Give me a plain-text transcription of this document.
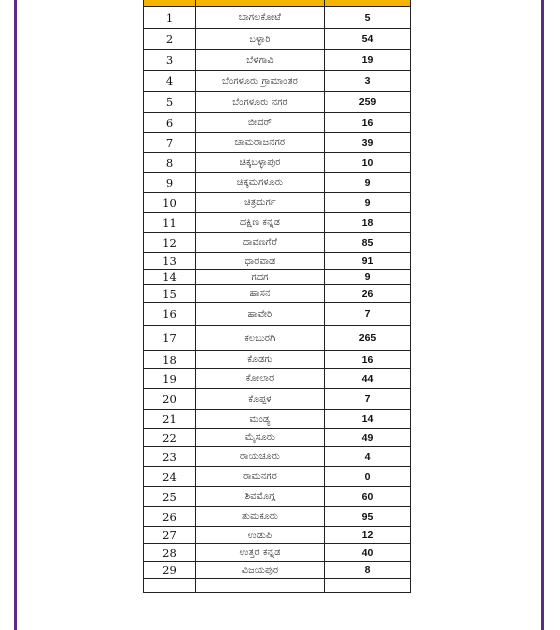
1	ಬಾಗಲಕೋಟೆ	5
2	ಬಳ್ಳಾರಿ	54
3	ಬೆಳಗಾವಿ	19
4	ಬೆಂಗಳೂರು ಗ್ರಾಮಾಂತರ	3
5	ಬೆಂಗಳೂರು ನಗರ	259
6	ಬೀದರ್	16
7	ಚಾಮರಾಜನಗರ	39
8	ಚಿಕ್ಕಬಳ್ಳಾಪುರ	10
9	ಚಿಕ್ಕಮಗಳೂರು	9
10	ಚಿತ್ರದುರ್ಗ	9
11	ದಕ್ಷಿಣ ಕನ್ನಡ	18
12	ದಾವಣಗೆರೆ	85
13	ಧಾರವಾಡ	91
14	ಗದಗ	9
15	ಹಾಸನ	26
16	ಹಾವೇರಿ	7
17	ಕಲಬುರಗಿ	265
18	ಕೊಡಗು	16
19	ಕೋಲಾರ	44
20	ಕೊಪ್ಪಳ	7
21	ಮಂಡ್ಯ	14
22	ಮೈಸೂರು	49
23	ರಾಯಚೂರು	4
24	ರಾಮನಗರ	0
25	ಶಿವಮೊಗ್ಗ	60
26	ತುಮಕೂರು	95
27	ಉಡುಪಿ	12
28	ಉತ್ತರ ಕನ್ನಡ	40
29	ವಿಜಯಪುರ	8
